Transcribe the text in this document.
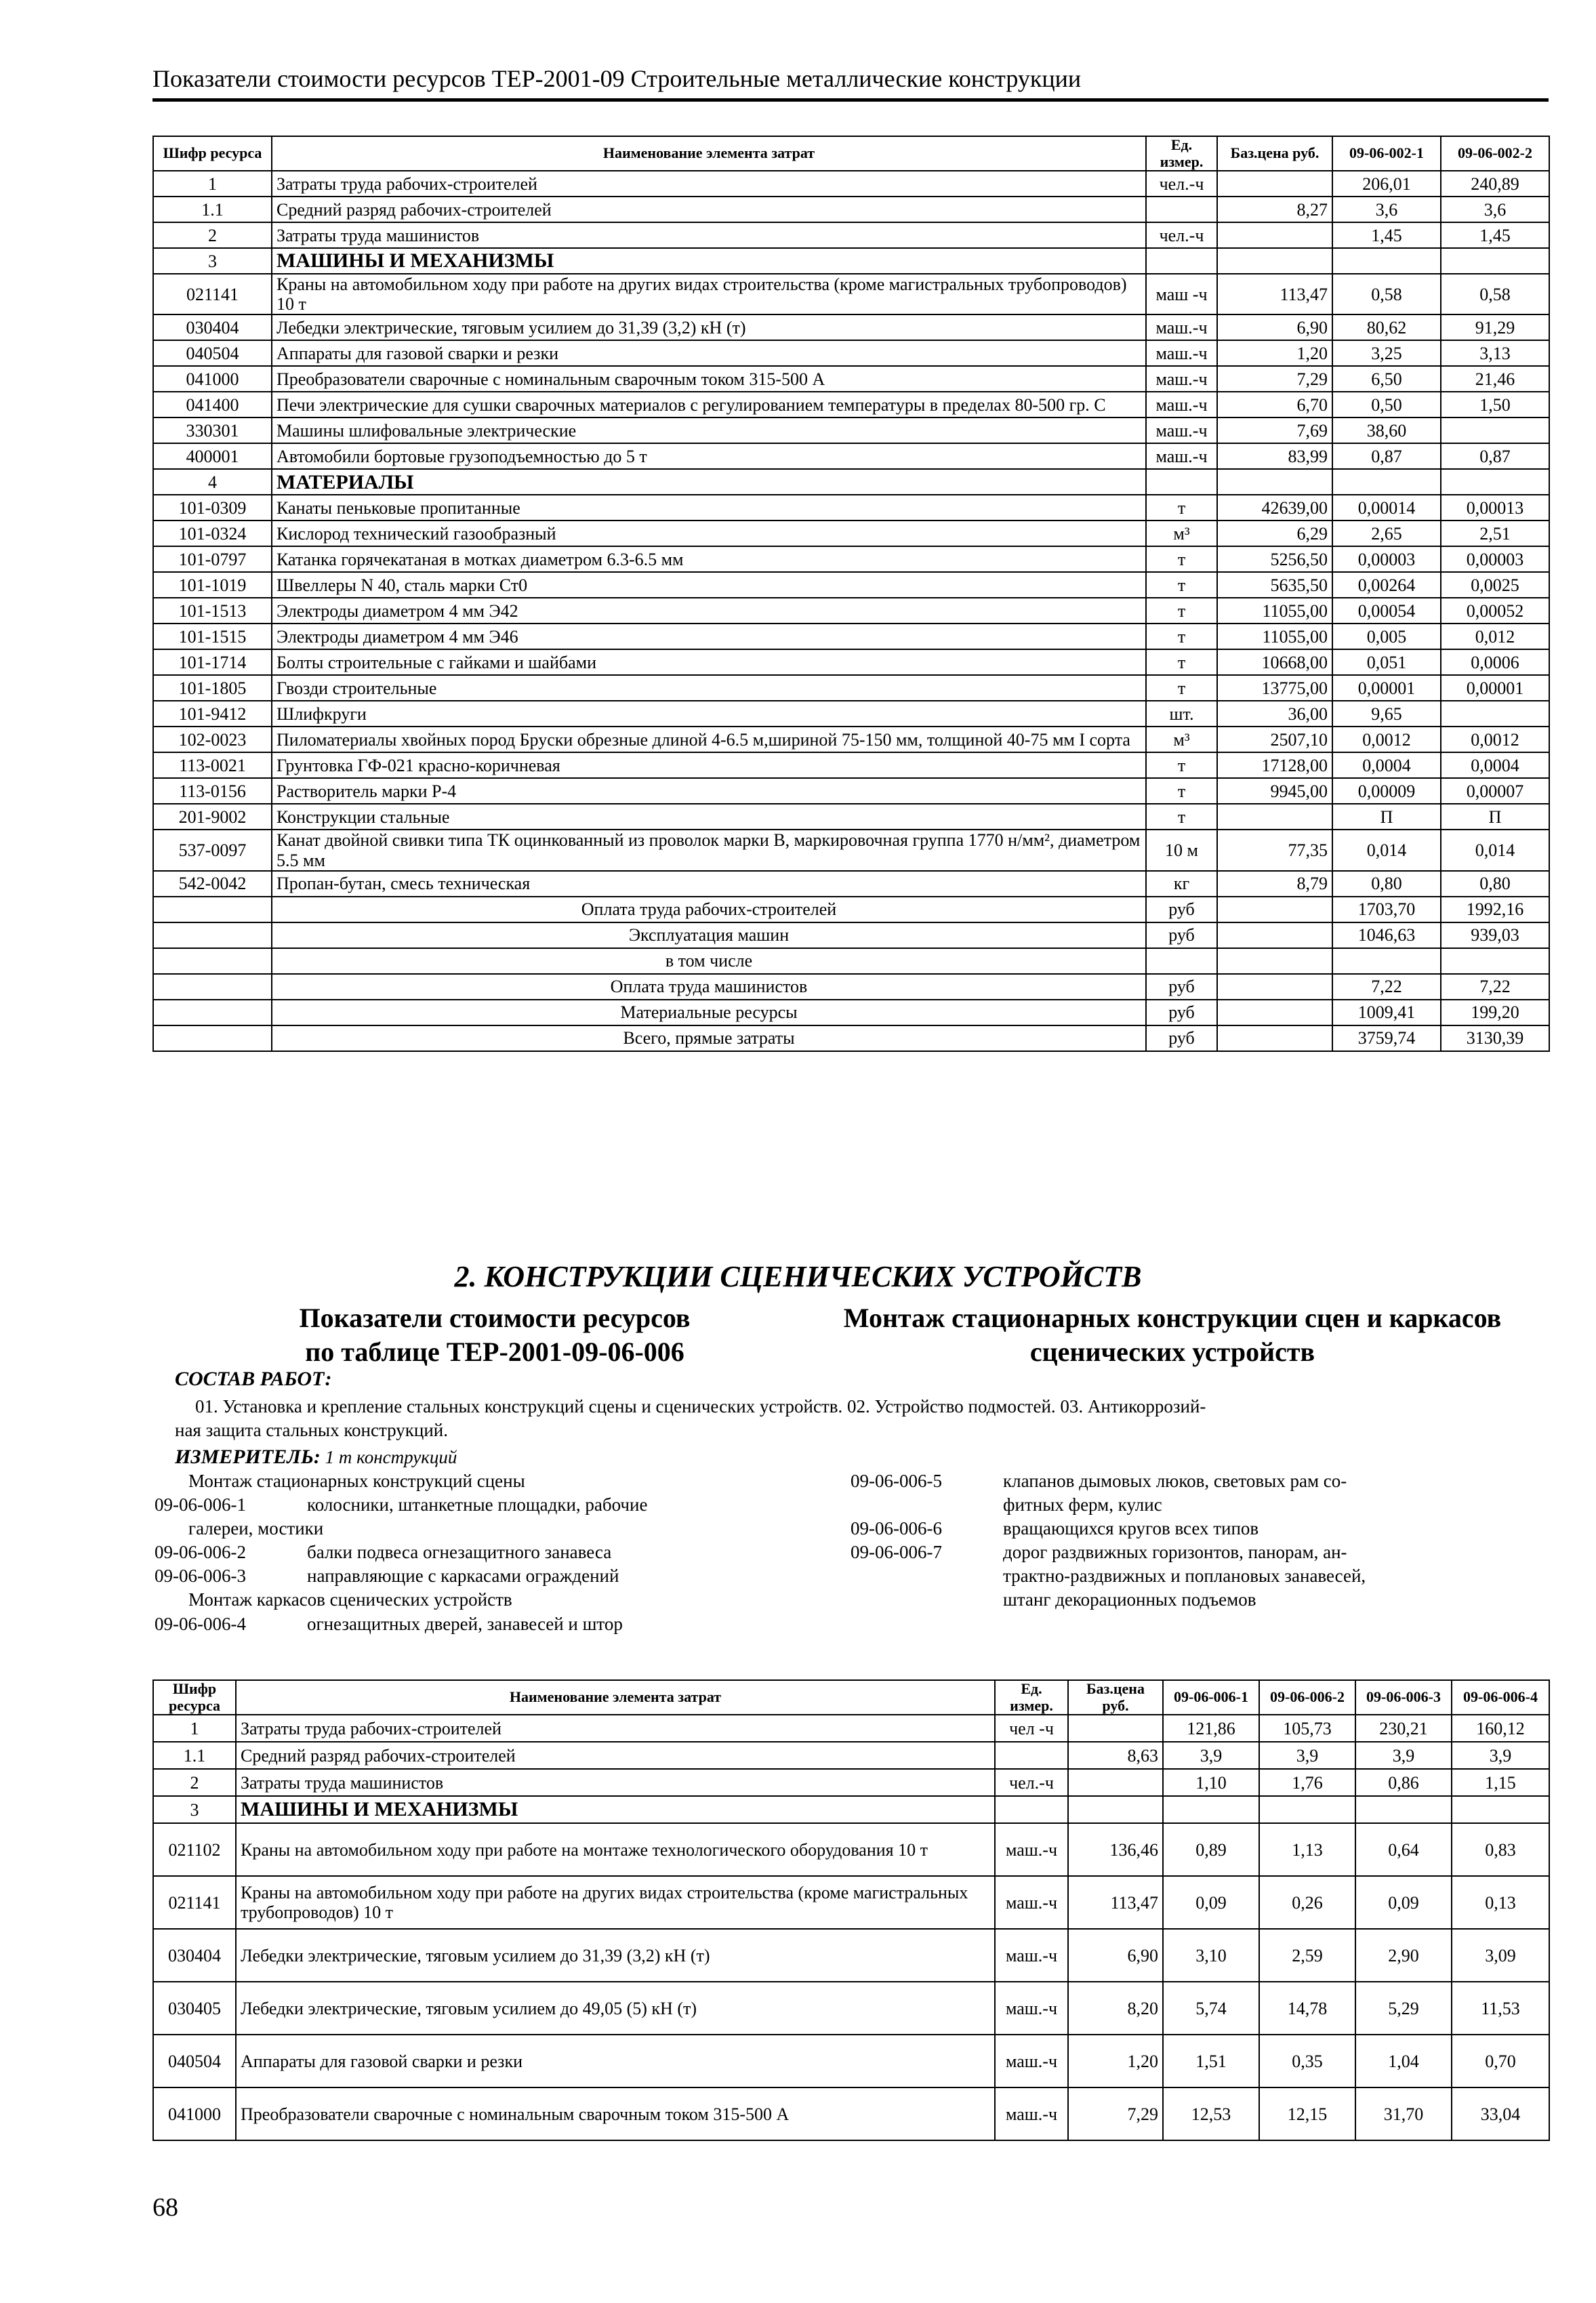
Показатели стоимости ресурсов ТЕР-2001-09 Строительные металлические конструкции
Шифр ресурса	Наименование элемента затрат	Ед. измер.	Баз.цена руб.	09-06-002-1	09-06-002-2
1	Затраты труда рабочих-строителей	чел.-ч		206,01	240,89
1.1	Средний разряд рабочих-строителей		8,27	3,6	3,6
2	Затраты труда машинистов	чел.-ч		1,45	1,45
3	МАШИНЫ И МЕХАНИЗМЫ				
021141	Краны на автомобильном ходу при работе на других видах строительства (кроме магистральных трубопроводов) 10 т	маш -ч	113,47	0,58	0,58
030404	Лебедки электрические, тяговым усилием до 31,39 (3,2) кН (т)	маш.-ч	6,90	80,62	91,29
040504	Аппараты для газовой сварки и резки	маш.-ч	1,20	3,25	3,13
041000	Преобразователи сварочные с номинальным сварочным током 315-500 А	маш.-ч	7,29	6,50	21,46
041400	Печи электрические для сушки сварочных материалов с регулированием температуры в пределах 80-500 гр. С	маш.-ч	6,70	0,50	1,50
330301	Машины шлифовальные электрические	маш.-ч	7,69	38,60	
400001	Автомобили бортовые грузоподъемностью до 5 т	маш.-ч	83,99	0,87	0,87
4	МАТЕРИАЛЫ				
101-0309	Канаты пеньковые пропитанные	т	42639,00	0,00014	0,00013
101-0324	Кислород технический газообразный	м³	6,29	2,65	2,51
101-0797	Катанка горячекатаная в мотках диаметром 6.3-6.5 мм	т	5256,50	0,00003	0,00003
101-1019	Швеллеры N 40, сталь марки Ст0	т	5635,50	0,00264	0,0025
101-1513	Электроды диаметром 4 мм Э42	т	11055,00	0,00054	0,00052
101-1515	Электроды диаметром 4 мм Э46	т	11055,00	0,005	0,012
101-1714	Болты строительные с гайками и шайбами	т	10668,00	0,051	0,0006
101-1805	Гвозди строительные	т	13775,00	0,00001	0,00001
101-9412	Шлифкруги	шт.	36,00	9,65	
102-0023	Пиломатериалы хвойных пород Бруски обрезные длиной 4-6.5 м,шириной 75-150 мм, толщиной 40-75 мм I сорта	м³	2507,10	0,0012	0,0012
113-0021	Грунтовка ГФ-021 красно-коричневая	т	17128,00	0,0004	0,0004
113-0156	Растворитель марки Р-4	т	9945,00	0,00009	0,00007
201-9002	Конструкции стальные	т		П	П
537-0097	Канат двойной свивки типа ТК оцинкованный из проволок марки В, маркировочная группа 1770 н/мм², диаметром 5.5 мм	10 м	77,35	0,014	0,014
542-0042	Пропан-бутан, смесь техническая	кг	8,79	0,80	0,80
	Оплата труда рабочих-строителей	руб		1703,70	1992,16
	Эксплуатация машин	руб		1046,63	939,03
	в том числе				
	Оплата труда машинистов	руб		7,22	7,22
	Материальные ресурсы	руб		1009,41	199,20
	Всего, прямые затраты	руб		3759,74	3130,39
2. КОНСТРУКЦИИ СЦЕНИЧЕСКИХ УСТРОЙСТВ
Показатели стоимости ресурсов
по таблице ТЕР-2001-09-06-006
Монтаж стационарных конструкции сцен и каркасов
сценических устройств
СОСТАВ РАБОТ:
01. Установка и крепление стальных конструкций сцены и сценических устройств. 02. Устройство подмостей. 03. Антикоррозий-
ная защита стальных конструкций.
ИЗМЕРИТЕЛЬ: 1 т конструкций
Монтаж стационарных конструкций сцены
09-06-006-1	колосники, штанкетные площадки, рабочие
галереи, мостики
09-06-006-2	балки подвеса огнезащитного занавеса
09-06-006-3	направляющие с каркасами ограждений
Монтаж каркасов сценических устройств
09-06-006-4	огнезащитных дверей, занавесей и штор
09-06-006-5	клапанов дымовых люков, световых рам со-
фитных ферм, кулис
09-06-006-6	вращающихся кругов всех типов
09-06-006-7	дорог раздвижных горизонтов, панорам, ан-
трактно-раздвижных и поплановых занавесей,
штанг декорационных подъемов
Шифр ресурса	Наименование элемента затрат	Ед. измер.	Баз.цена руб.	09-06-006-1	09-06-006-2	09-06-006-3	09-06-006-4
1	Затраты труда рабочих-строителей	чел -ч		121,86	105,73	230,21	160,12
1.1	Средний разряд рабочих-строителей		8,63	3,9	3,9	3,9	3,9
2	Затраты труда машинистов	чел.-ч		1,10	1,76	0,86	1,15
3	МАШИНЫ И МЕХАНИЗМЫ						
021102	Краны на автомобильном ходу при работе на монтаже технологического оборудования 10 т	маш.-ч	136,46	0,89	1,13	0,64	0,83
021141	Краны на автомобильном ходу при работе на других видах строительства (кроме магистральных трубопроводов) 10 т	маш.-ч	113,47	0,09	0,26	0,09	0,13
030404	Лебедки электрические, тяговым усилием до 31,39 (3,2) кН (т)	маш.-ч	6,90	3,10	2,59	2,90	3,09
030405	Лебедки электрические, тяговым усилием до 49,05 (5) кН (т)	маш.-ч	8,20	5,74	14,78	5,29	11,53
040504	Аппараты для газовой сварки и резки	маш.-ч	1,20	1,51	0,35	1,04	0,70
041000	Преобразователи сварочные с номинальным сварочным током 315-500 А	маш.-ч	7,29	12,53	12,15	31,70	33,04
68
